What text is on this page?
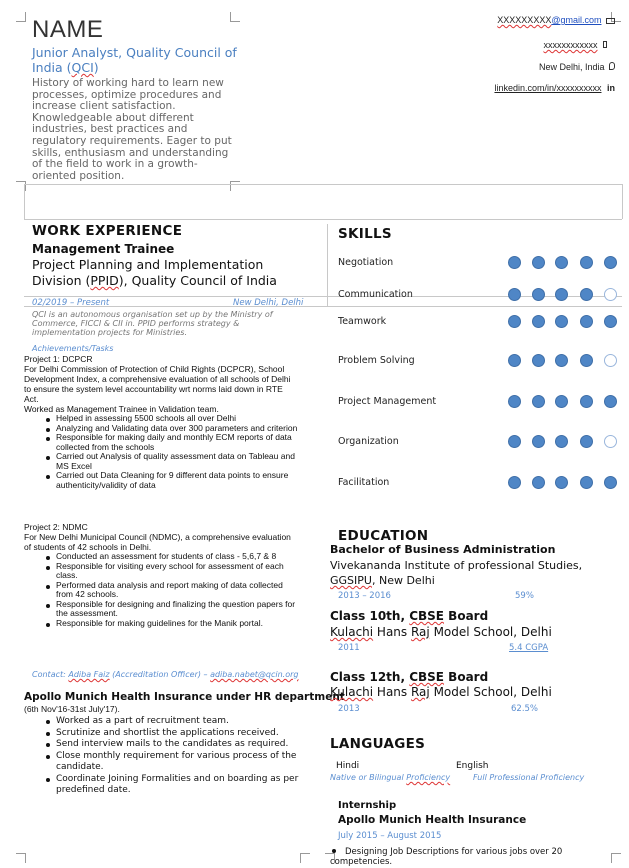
NAME
Junior Analyst, Quality Council of India (QCI)
History of working hard to learn new processes, optimize procedures and increase client satisfaction. Knowledgeable about different industries, best practices and regulatory requirements. Eager to put skills, enthusiasm and understanding of the field to work in a growth-oriented position.
XXXXXXXXX@gmail.com
xxxxxxxxxxxx
New Delhi, India
linkedin.com/in/xxxxxxxxxx in
WORK EXPERIENCE
Management Trainee
Project Planning and Implementation Division (PPID), Quality Council of India
02/2019 – Present	New Delhi, Delhi
QCI is an autonomous organisation set up by the Ministry of Commerce, FICCI & CII in. PPID performs strategy & implementation projects for Ministries.
Achievements/Tasks
Project 1: DCPCR
For Delhi Commission of Protection of Child Rights (DCPCR), School Development Index, a comprehensive evaluation of all schools of Delhi to ensure the system level accountability wrt norms laid down in RTE Act.
Worked as Management Trainee in Validation team.
Helped in assessing 5500 schools all over Delhi
Analyzing and Validating data over 300 parameters and criterion
Responsible for making daily and monthly ECM reports of data collected from the schools
Carried out Analysis of quality assessment data on Tableau and MS Excel
Carried out Data Cleaning for 9 different data points to ensure authenticity/validity of data
Project 2: NDMC
For New Delhi Municipal Council (NDMC), a comprehensive evaluation of students of 42 schools in Delhi.
Conducted an assessment for students of class - 5,6,7 & 8
Responsible for visiting every school for assessment of each class.
Performed data analysis and report making of data collected from 42 schools.
Responsible for designing and finalizing the question papers for the assessment.
Responsible for making guidelines for the Manik portal.
Contact: Adiba Faiz (Accreditation Officer) – adiba.nabet@qcin.org
Apollo Munich Health Insurance under HR department
(6th Nov'16-31st July'17).
Worked as a part of recruitment team.
Scrutinize and shortlist the applications received.
Send interview mails to the candidates as required.
Close monthly requirement for various process of the candidate.
Coordinate Joining Formalities and on boarding as per predefined date.
SKILLS
Negotiation
Communication
Teamwork
Problem Solving
Project Management
Organization
Facilitation
EDUCATION
Bachelor of Business Administration
Vivekananda Institute of professional Studies, GGSIPU, New Delhi
2013 – 2016	59%
Class 10th, CBSE Board
Kulachi Hans Raj Model School, Delhi
2011	5.4 CGPA
Class 12th, CBSE Board
Kulachi Hans Raj Model School, Delhi
2013	62.5%
LANGUAGES
Hindi	English
Native or Bilingual Proficiency	Full Professional Proficiency
Internship
Apollo Munich Health Insurance
July 2015 – August 2015
Designing Job Descriptions for various jobs over 20 competencies.
